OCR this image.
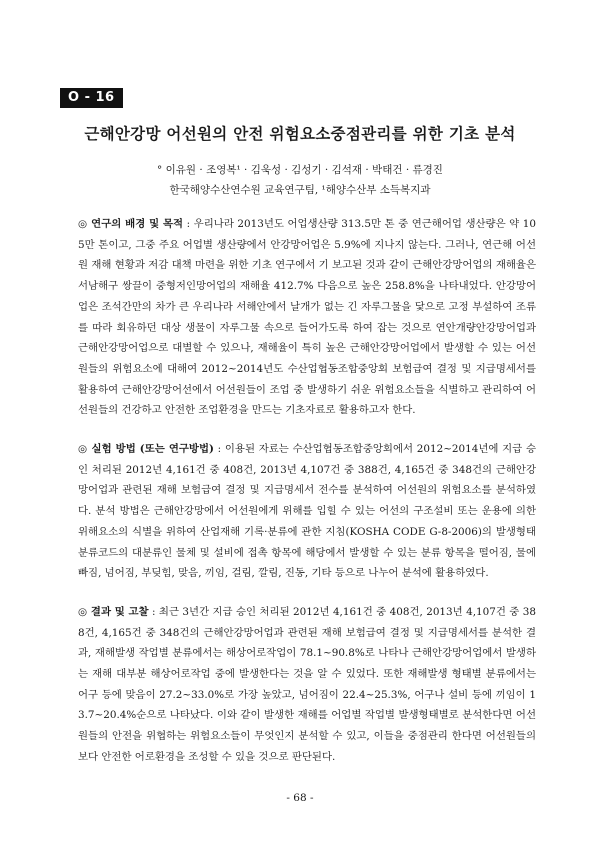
O - 16
근해안강망 어선원의 안전 위험요소중점관리를 위한 기초 분석

° 이유원 · 조영복¹ · 김욱성 · 김성기 · 김석재 · 박태건 · 류경진

한국해양수산연수원 교육연구팀, ¹해양수산부 소득복지과

◎ 연구의 배경 및 목적 : 우리나라 2013년도 어업생산량 313.5만 톤 중 연근해어업 생산량은 약 105만 톤이고, 그중 주요 어업별 생산량에서 안강망어업은 5.9%에 지나지 않는다. 그러나, 연근해 어선원 재해 현황과 저감 대책 마련을 위한 기초 연구에서 기 보고된 것과 같이 근해안강망어업의 재해율은 서남해구 쌍끌이 중형저인망어업의 재해율 412.7% 다음으로 높은 258.8%을 나타내었다. 안강망어업은 조석간만의 차가 큰 우리나라 서해안에서 날개가 없는 긴 자루그물을 닻으로 고정 부설하여 조류를 따라 회유하던 대상 생물이 자루그물 속으로 들어가도록 하여 잡는 것으로 연안개량안강망어업과 근해안강망어업으로 대별할 수 있으나, 재해율이 특히 높은 근해안강망어업에서 발생할 수 있는 어선원들의 위험요소에 대해여 2012~2014년도 수산업협동조합중앙회 보험급여 결정 및 지급명세서를 활용하여 근해안강망어선에서 어선원들이 조업 중 발생하기 쉬운 위험요소들을 식별하고 관리하여 어선원들의 건강하고 안전한 조업환경을 만드는 기초자료로 활용하고자 한다.

◎ 실험 방법 (또는 연구방법) : 이용된 자료는 수산업협동조합중앙회에서 2012~2014년에 지급 승인 처리된 2012년 4,161건 중 408건, 2013년 4,107건 중 388건, 4,165건 중 348건의 근해안강망어업과 관련된 재해 보험급여 결정 및 지급명세서 전수를 분석하여 어선원의 위험요소를 분석하였다. 분석 방법은 근해안강망에서 어선원에게 위해를 입힐 수 있는 어선의 구조설비 또는 운용에 의한 위해요소의 식별을 위하여 산업재해 기록·분류에 관한 지침(KOSHA CODE G-8-2006)의 발생형태 분류코드의 대분류인 물체 및 설비에 접촉 항목에 해당에서 발생할 수 있는 분류 항목을 떨어짐, 물에 빠짐, 넘어짐, 부딪힘, 맞음, 끼임, 걸림, 깔림, 진동, 기타 등으로 나누어 분석에 활용하였다.

◎ 결과 및 고찰 : 최근 3년간 지급 승인 처리된 2012년 4,161건 중 408건, 2013년 4,107건 중 388건, 4,165건 중 348건의 근해안강망어업과 관련된 재해 보험급여 결정 및 지급명세서를 분석한 결과, 재해발생 작업별 분류에서는 해상어로작업이 78.1~90.8%로 나타나 근해안강망어업에서 발생하는 재해 대부분 해상어로작업 중에 발생한다는 것을 알 수 있었다. 또한 재해발생 형태별 분류에서는 어구 등에 맞음이 27.2~33.0%로 가장 높았고, 넘어짐이 22.4~25.3%, 어구나 설비 등에 끼임이 13.7~20.4%순으로 나타났다. 이와 같이 발생한 재해를 어업별 작업별 발생형태별로 분석한다면 어선원들의 안전을 위협하는 위험요소들이 무엇인지 분석할 수 있고, 이들을 중점관리 한다면 어선원들의 보다 안전한 어로환경을 조성할 수 있을 것으로 판단된다.

- 68 -
